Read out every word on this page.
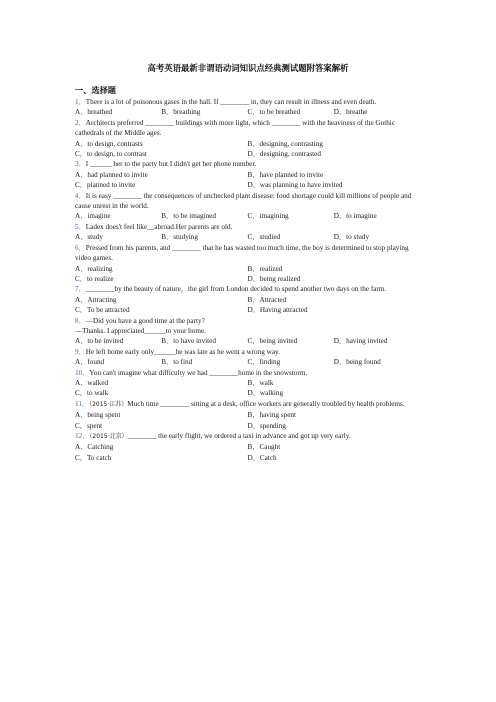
高考英语最新非谓语动词知识点经典测试题附答案解析
一、选择题

1．There is a lot of poisonous gases in the hall. If ________ in, they can result in illness and even death.

A．breathed	B．breathing	C．to be breathed	D．breathe

2．Architects preferred ________ buildings with more light, which ________ with the heaviness of the Gothic cathedrals of the Middle ages.

A．to design, contrasts	B．designing, contrasting
C．to design, to contrast	D．designing, contrasted

3．I ______ her to the party but I didn't get her phone number.

A．had planned to invite	B．have planned to invite
C．planned to invite	D．was planning to have invited

4．It is easy ________ the consequences of unchecked plant disease: food shortage could kill millions of people and cause unrest in the world.

A．imagine	B．to be imagined	C．imagining	D．to imagine

5．Ladex does't feel like__abroad.Her parents are old.

A．study	B．studying	C．studied	D．to study

6．Pressed from his parents, and ________ that he has wasted too much time, the boy is determined to stop playing video games.

A．realizing	B．realized
C．to realize	D．being realized

7．________by the beauty of nature，the girl from London decided to spend another two days on the farm.

A．Attracting	B．Attracted
C．To be attracted	D．Having attracted

8．—Did you have a good time at the party?
—Thanks. I appreciated______to your home.

A．to be invited	B．to have invited	C．being invited	D．having invited

9．He left home early only______he was late as he went a wrong way.

A．found	B．to find	C．finding	D．being found

10．You can't imagine what difficulty we had ________home in the snowstorm.

A．walked	B．walk
C．to walk	D．walking

11．（2015·江苏）Much time ________ sitting at a desk, office workers are generally troubled by health problems.

A．being spent	B．having spent
C．spent	D．spending

12．（2015·北京）________ the early flight, we ordered a taxi in advance and got up very early.

A．Catching	B．Caught
C．To catch	D．Catch
